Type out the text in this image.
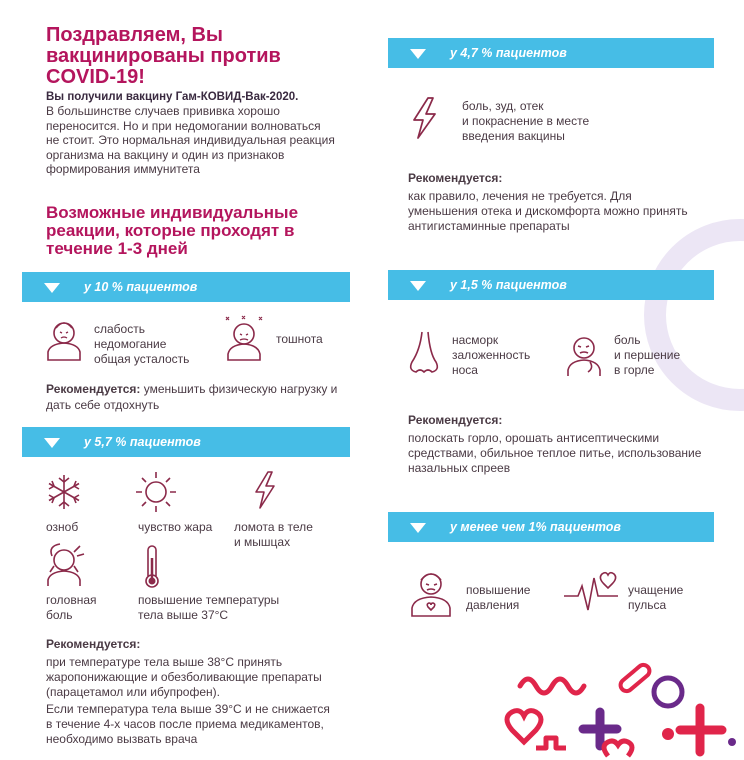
Поздравляем, Вы вакцинированы против COVID-19!
Вы получили вакцину Гам-КОВИД-Вак-2020.
В большинстве случаев прививка хорошо переносится. Но и при недомогании волноваться не стоит. Это нормальная индивидуальная реакция организма на вакцину и один из признаков формирования иммунитета
Возможные индивидуальные реакции, которые проходят в течение 1-3 дней
у 10 % пациентов
слабость
недомогание
общая усталость
тошнота
Рекомендуется: уменьшить физическую нагрузку и дать себе отдохнуть
у 5,7 % пациентов
озноб	чувство жара ломота в теле
и мышцах
головная
боль
повышение температуры
тела выше 37°С
Рекомендуется:
при температуре тела выше 38°С принять жаропонижающие и обезболивающие препараты (парацетамол или ибупрофен).
Если температура тела выше 39°С и не снижается в течение 4-х часов после приема медикаментов, необходимо вызвать врача
у 4,7 % пациентов
боль, зуд, отек
и покраснение в месте
введения вакцины
Рекомендуется:
как правило, лечения не требуется. Для уменьшения отека и дискомфорта можно принять антигистаминные препараты
у 1,5 % пациентов
насморк
заложенность
носа
боль
и першение
в горле
Рекомендуется:
полоскать горло, орошать антисептическими средствами, обильное теплое питье, использование назальных спреев
у менее чем 1% пациентов
повышение
давления
учащение
пульса
